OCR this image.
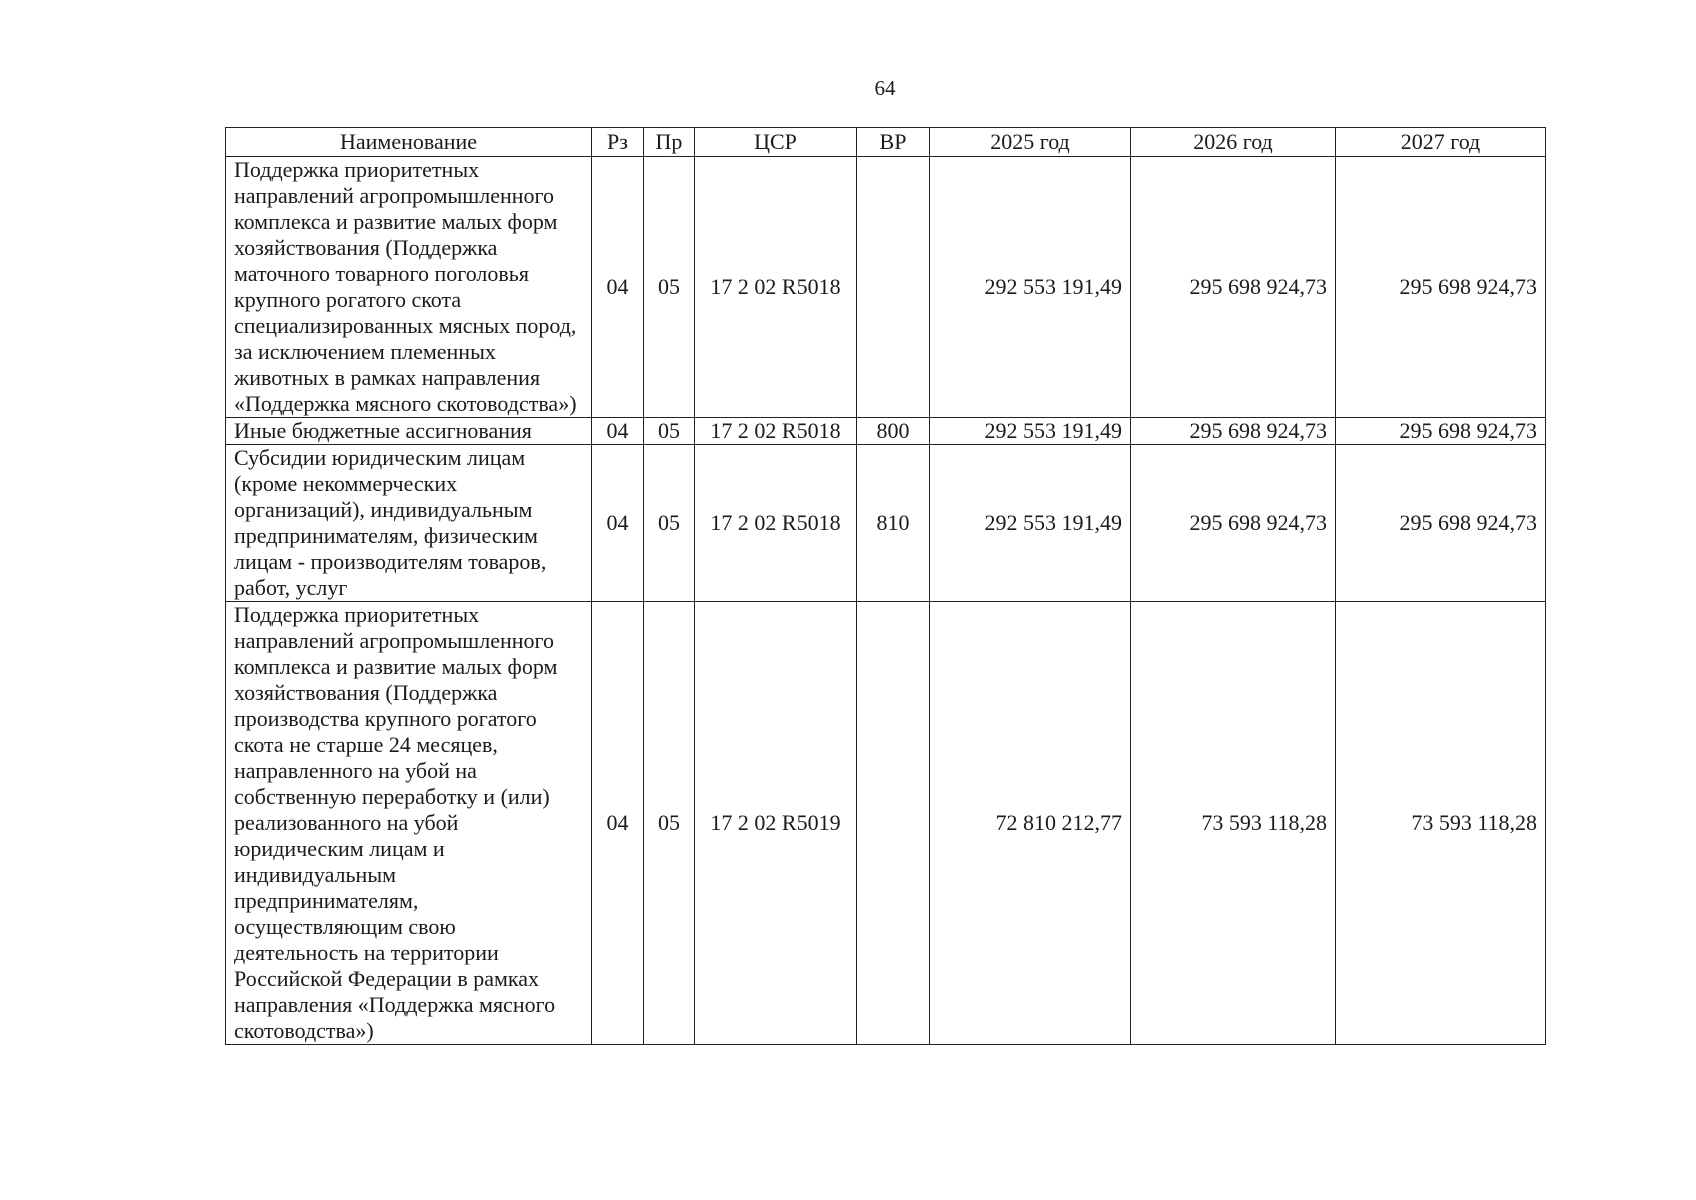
64
Наименование	Рз	Пр	ЦСР	ВР	2025 год	2026 год	2027 год
Поддержка приоритетных направлений агропромышленного комплекса и развитие малых форм хозяйствования (Поддержка маточного товарного поголовья крупного рогатого скота специализированных мясных пород, за исключением племенных животных в рамках направления «Поддержка мясного скотоводства»)	04	05	17 2 02 R5018		292 553 191,49	295 698 924,73	295 698 924,73
Иные бюджетные ассигнования	04	05	17 2 02 R5018	800	292 553 191,49	295 698 924,73	295 698 924,73
Субсидии юридическим лицам (кроме некоммерческих организаций), индивидуальным предпринимателям, физическим лицам - производителям товаров, работ, услуг	04	05	17 2 02 R5018	810	292 553 191,49	295 698 924,73	295 698 924,73
Поддержка приоритетных направлений агропромышленного комплекса и развитие малых форм хозяйствования (Поддержка производства крупного рогатого скота не старше 24 месяцев, направленного на убой на собственную переработку и (или) реализованного на убой юридическим лицам и индивидуальным предпринимателям, осуществляющим свою деятельность на территории Российской Федерации в рамках направления «Поддержка мясного скотоводства»)	04	05	17 2 02 R5019		72 810 212,77	73 593 118,28	73 593 118,28
